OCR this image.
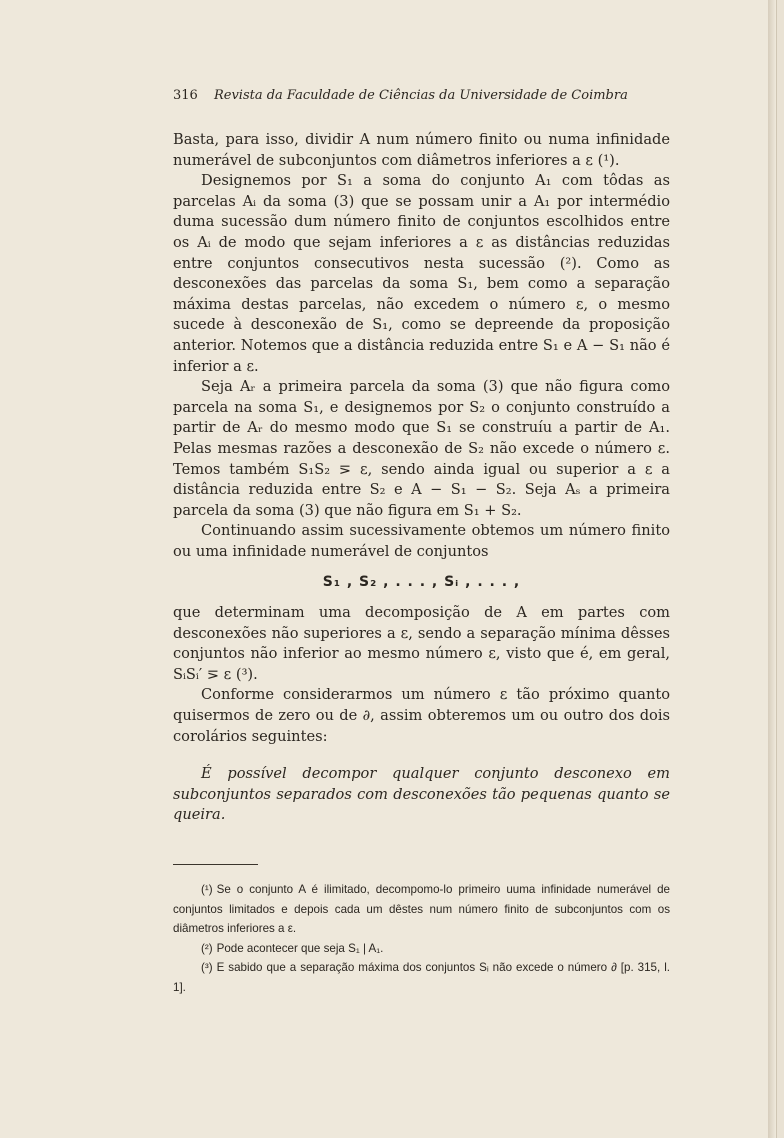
316 Revista da Faculdade de Ciências da Universidade de Coimbra

Basta, para isso, dividir A num número finito ou numa infinidade numerável de subconjuntos com diâmetros inferiores a ε (¹).

Designemos por S₁ a soma do conjunto A₁ com tôdas as parcelas Aᵢ da soma (3) que se possam unir a A₁ por intermédio duma sucessão dum número finito de conjuntos escolhidos entre os Aᵢ de modo que sejam inferiores a ε as distâncias reduzidas entre conjuntos consecutivos nesta sucessão (²). Como as desconexões das parcelas da soma S₁, bem como a separação máxima destas parcelas, não excedem o número ε, o mesmo sucede à desconexão de S₁, como se depreende da proposição anterior. Notemos que a distância reduzida entre S₁ e A − S₁ não é inferior a ε.

Seja Aᵣ a primeira parcela da soma (3) que não figura como parcela na soma S₁, e designemos por S₂ o conjunto construído a partir de Aᵣ do mesmo modo que S₁ se construíu a partir de A₁. Pelas mesmas razões a desconexão de S₂ não excede o número ε. Temos também S₁S₂ ⋝ ε, sendo ainda igual ou superior a ε a distância reduzida entre S₂ e A − S₁ − S₂. Seja Aₛ a primeira parcela da soma (3) que não figura em S₁ + S₂.

Continuando assim sucessivamente obtemos um número finito ou uma infinidade numerável de conjuntos

S₁ , S₂ , . . . , Sᵢ , . . . ,

que determinam uma decomposição de A em partes com desconexões não superiores a ε, sendo a separação mínima dêsses conjuntos não inferior ao mesmo número ε, visto que é, em geral, SᵢSᵢ′ ⋝ ε (³).

Conforme considerarmos um número ε tão próximo quanto quisermos de zero ou de ∂, assim obteremos um ou outro dos dois corolários seguintes:

É possível decompor qualquer conjunto desconexo em subconjuntos separados com desconexões tão pequenas quanto se queira.

(¹) Se o conjunto A é ilimitado, decompomo-lo primeiro uuma infinidade numerável de conjuntos limitados e depois cada um dêstes num número finito de subconjuntos com os diâmetros inferiores a ε.

(²) Pode acontecer que seja S₁ | A₁.

(³) E sabido que a separação máxima dos conjuntos Sᵢ não excede o número ∂ [p. 315, l. 1].
